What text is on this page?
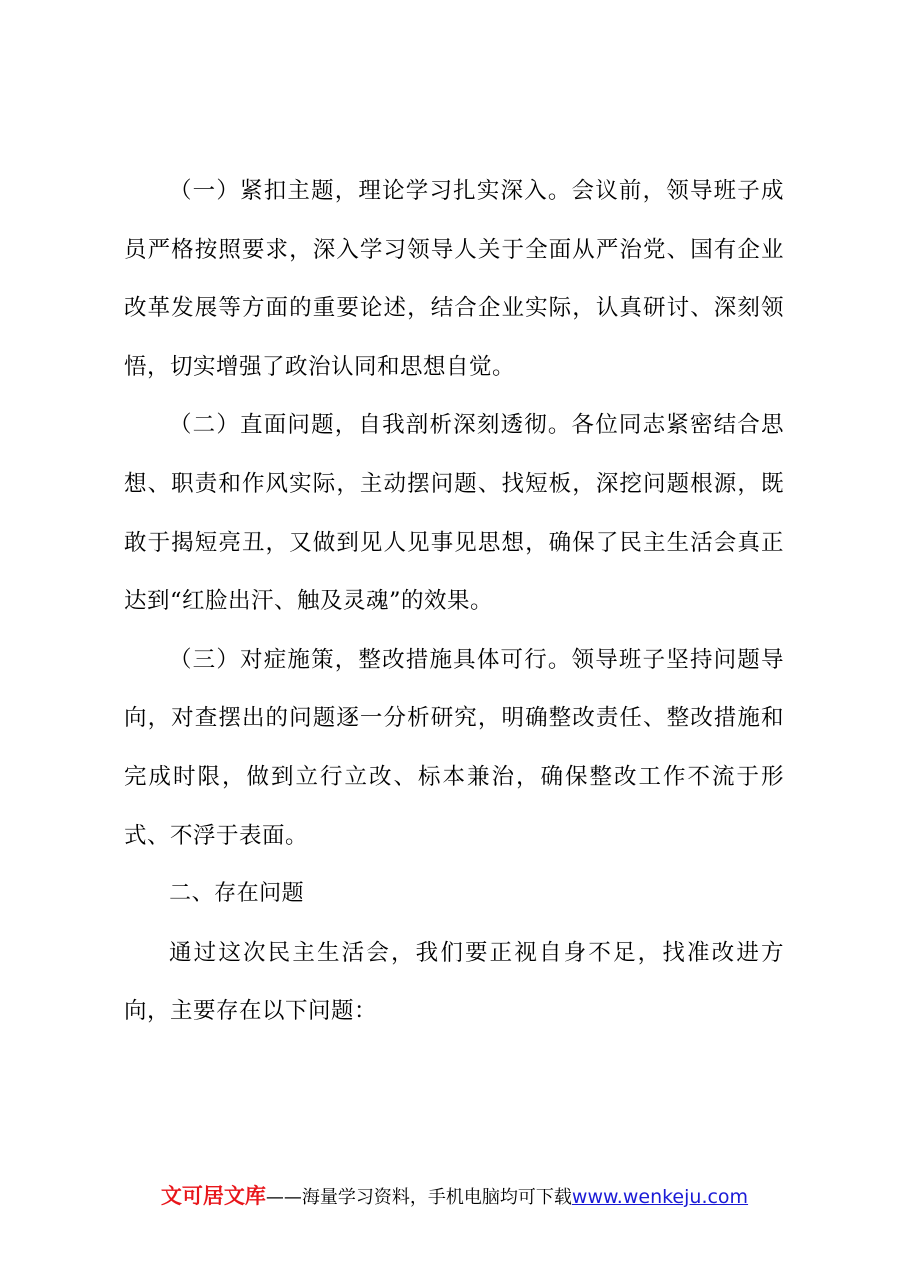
（一）紧扣主题，理论学习扎实深入。会议前，领导班子成员严格按照要求，深入学习领导人关于全面从严治党、国有企业改革发展等方面的重要论述，结合企业实际，认真研讨、深刻领悟，切实增强了政治认同和思想自觉。

（二）直面问题，自我剖析深刻透彻。各位同志紧密结合思想、职责和作风实际，主动摆问题、找短板，深挖问题根源，既敢于揭短亮丑，又做到见人见事见思想，确保了民主生活会真正达到“红脸出汗、触及灵魂”的效果。

（三）对症施策，整改措施具体可行。领导班子坚持问题导向，对查摆出的问题逐一分析研究，明确整改责任、整改措施和完成时限，做到立行立改、标本兼治，确保整改工作不流于形式、不浮于表面。

二、存在问题

通过这次民主生活会，我们要正视自身不足，找准改进方向，主要存在以下问题：

文可居文库——海量学习资料，手机电脑均可下载www.wenkeju.com
